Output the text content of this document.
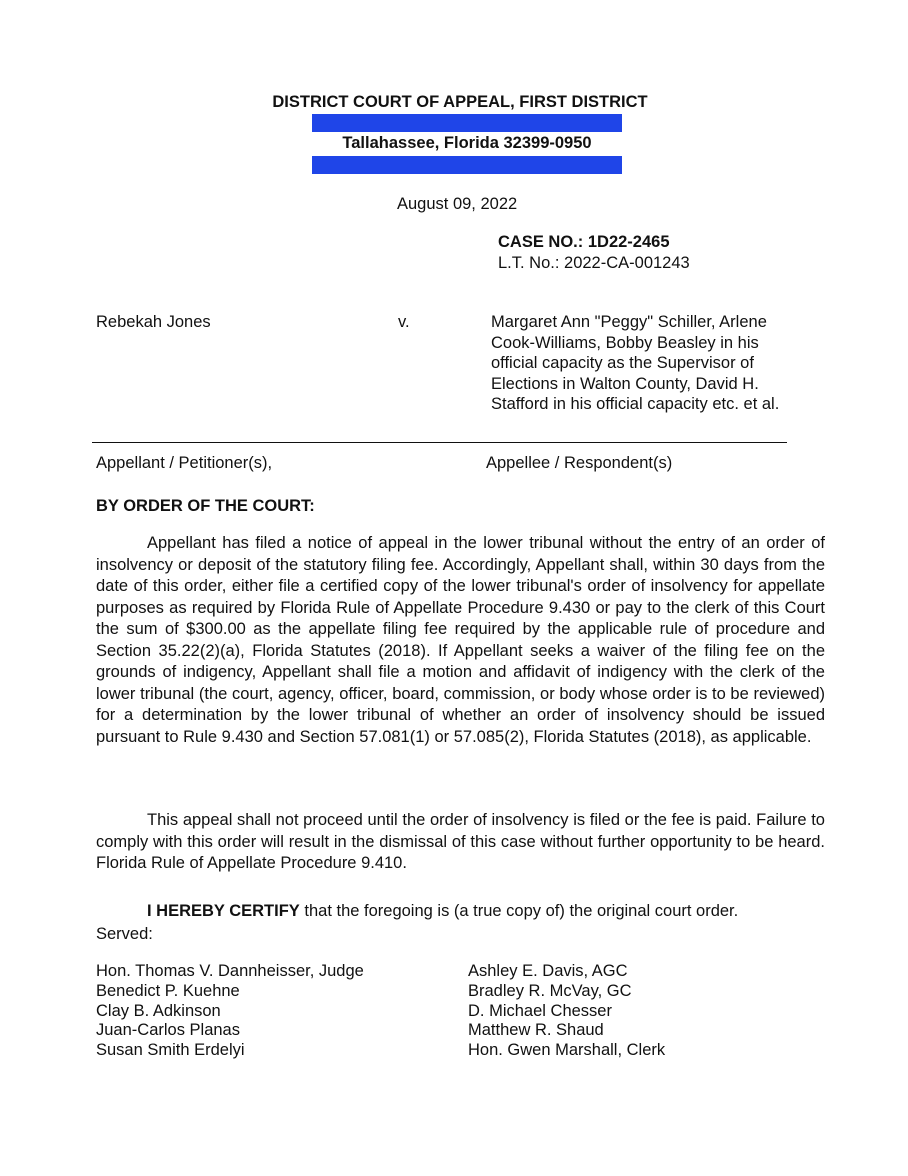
DISTRICT COURT OF APPEAL, FIRST DISTRICT
Tallahassee, Florida 32399-0950
August 09, 2022
CASE NO.: 1D22-2465
L.T. No.: 2022-CA-001243
Rebekah Jones	v.	Margaret Ann "Peggy" Schiller, Arlene Cook-Williams, Bobby Beasley in his official capacity as the Supervisor of Elections in Walton County, David H. Stafford in his official capacity etc. et al.
Appellant / Petitioner(s),	Appellee / Respondent(s)
BY ORDER OF THE COURT:

Appellant has filed a notice of appeal in the lower tribunal without the entry of an order of insolvency or deposit of the statutory filing fee. Accordingly, Appellant shall, within 30 days from the date of this order, either file a certified copy of the lower tribunal's order of insolvency for appellate purposes as required by Florida Rule of Appellate Procedure 9.430 or pay to the clerk of this Court the sum of $300.00 as the appellate filing fee required by the applicable rule of procedure and Section 35.22(2)(a), Florida Statutes (2018). If Appellant seeks a waiver of the filing fee on the grounds of indigency, Appellant shall file a motion and affidavit of indigency with the clerk of the lower tribunal (the court, agency, officer, board, commission, or body whose order is to be reviewed) for a determination by the lower tribunal of whether an order of insolvency should be issued pursuant to Rule 9.430 and Section 57.081(1) or 57.085(2), Florida Statutes (2018), as applicable.

This appeal shall not proceed until the order of insolvency is filed or the fee is paid. Failure to comply with this order will result in the dismissal of this case without further opportunity to be heard. Florida Rule of Appellate Procedure 9.410.

I HEREBY CERTIFY that the foregoing is (a true copy of) the original court order.
Served:
Hon. Thomas V. Dannheisser, Judge
Benedict P. Kuehne
Clay B. Adkinson
Juan-Carlos Planas
Susan Smith Erdelyi
Ashley E. Davis, AGC
Bradley R. McVay, GC
D. Michael Chesser
Matthew R. Shaud
Hon. Gwen Marshall, Clerk
